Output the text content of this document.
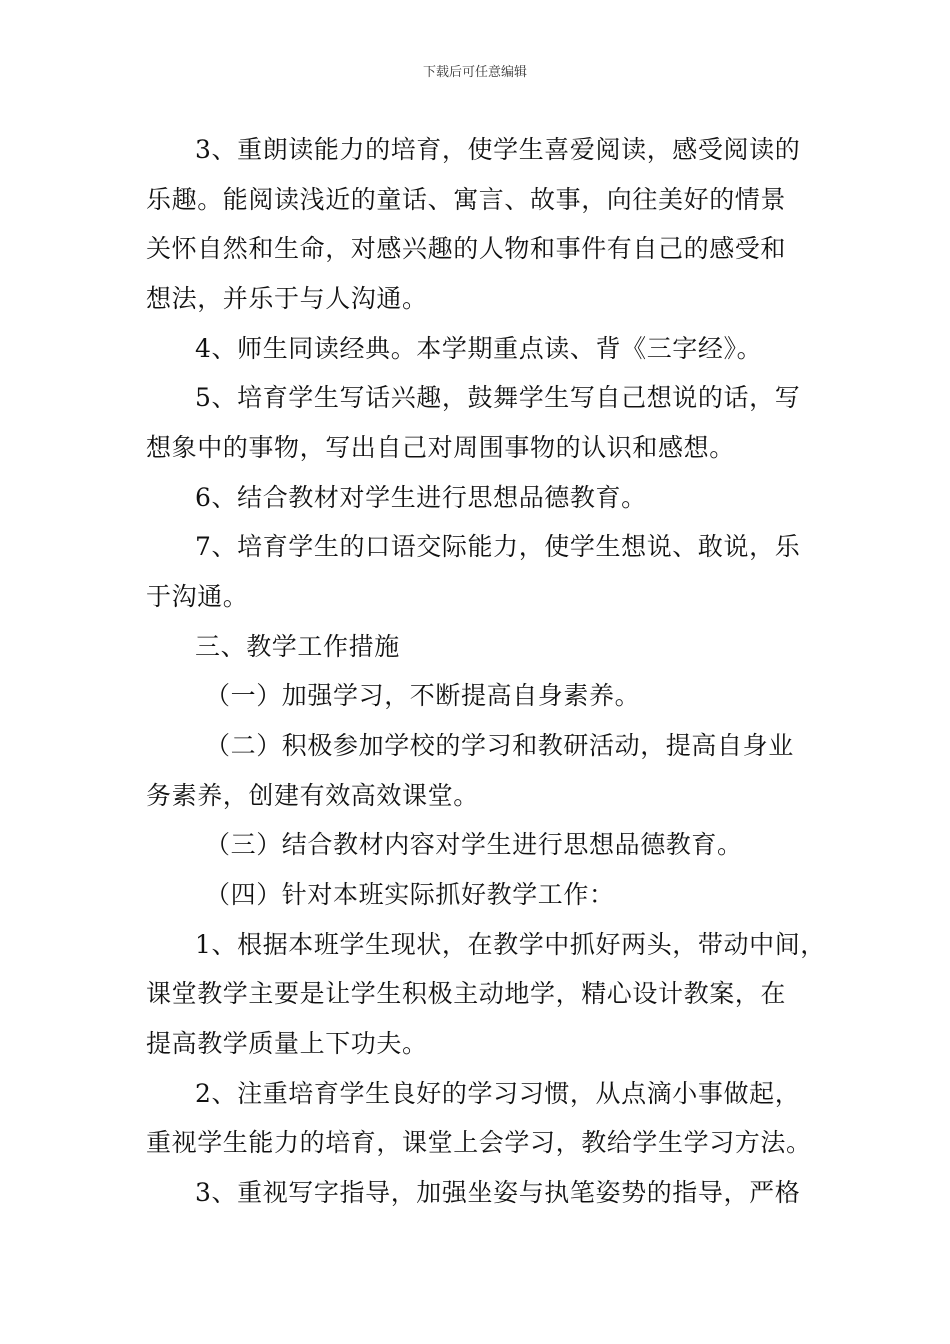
下载后可任意编辑
3、重朗读能力的培育，使学生喜爱阅读，感受阅读的
乐趣。能阅读浅近的童话、寓言、故事，向往美好的情景
关怀自然和生命，对感兴趣的人物和事件有自己的感受和
想法，并乐于与人沟通。
4、师生同读经典。本学期重点读、背《三字经》。
5、培育学生写话兴趣，鼓舞学生写自己想说的话，写
想象中的事物，写出自己对周围事物的认识和感想。
6、结合教材对学生进行思想品德教育。
7、培育学生的口语交际能力，使学生想说、敢说，乐
于沟通。
三、教学工作措施
（一）加强学习，不断提高自身素养。
（二）积极参加学校的学习和教研活动，提高自身业
务素养，创建有效高效课堂。
（三）结合教材内容对学生进行思想品德教育。
（四）针对本班实际抓好教学工作：
1、根据本班学生现状，在教学中抓好两头，带动中间，
课堂教学主要是让学生积极主动地学，精心设计教案，在
提高教学质量上下功夫。
2、注重培育学生良好的学习习惯，从点滴小事做起，
重视学生能力的培育，课堂上会学习，教给学生学习方法。
3、重视写字指导，加强坐姿与执笔姿势的指导，严格
